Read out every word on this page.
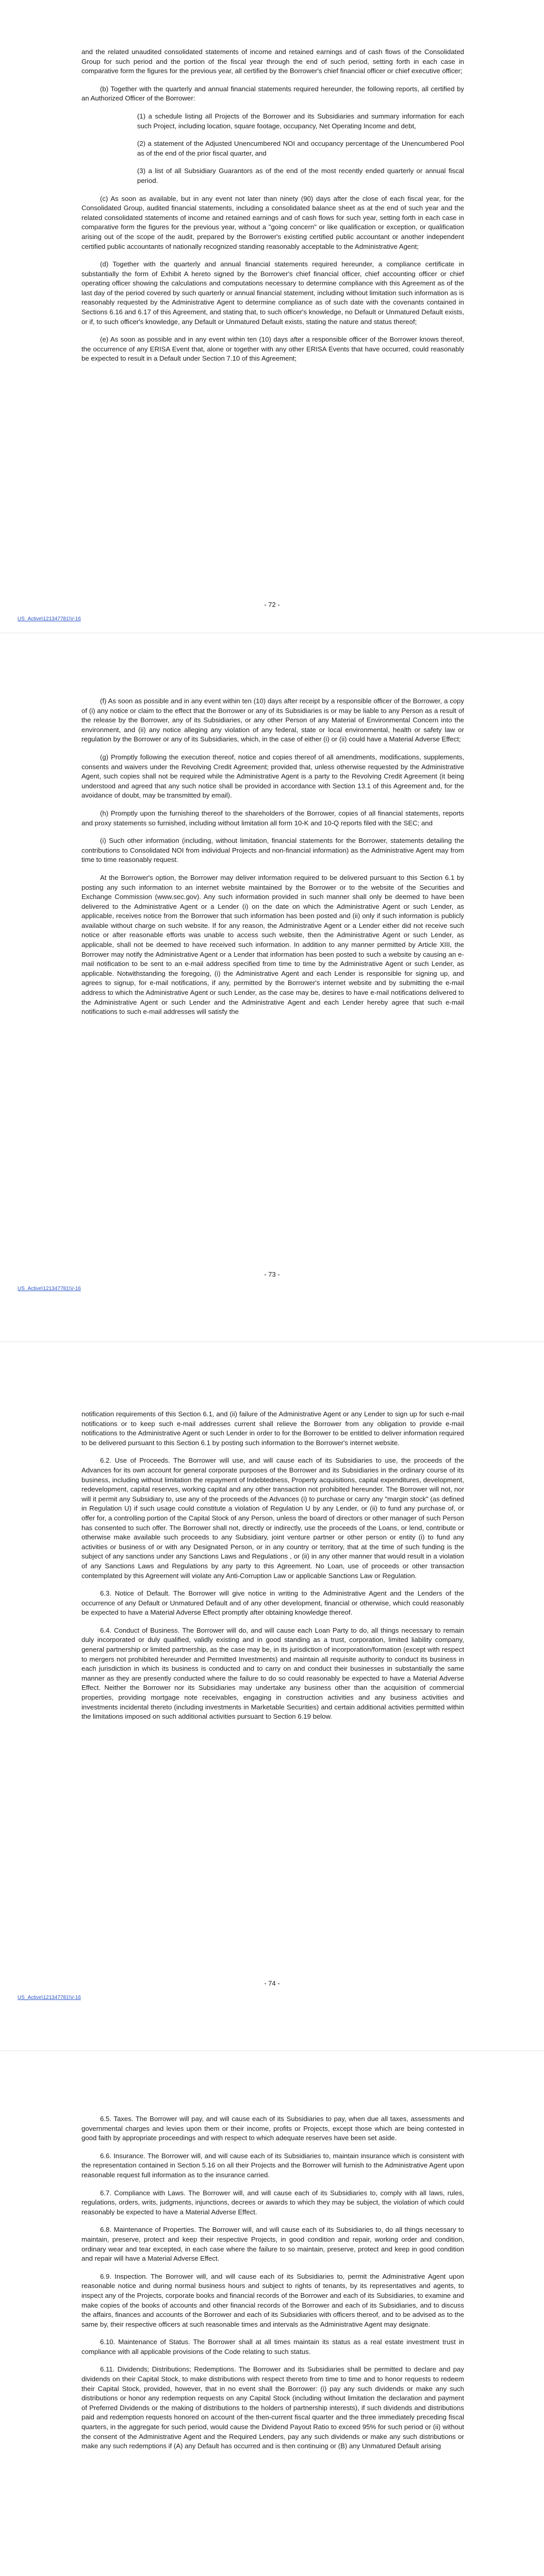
and the related unaudited consolidated statements of income and retained earnings and of cash flows of the Consolidated Group for such period and the portion of the fiscal year through the end of such period, setting forth in each case in comparative form the figures for the previous year, all certified by the Borrower's chief financial officer or chief executive officer;

(b) Together with the quarterly and annual financial statements required hereunder, the following reports, all certified by an Authorized Officer of the Borrower:

(1) a schedule listing all Projects of the Borrower and its Subsidiaries and summary information for each such Project, including location, square footage, occupancy, Net Operating Income and debt,

(2) a statement of the Adjusted Unencumbered NOI and occupancy percentage of the Unencumbered Pool as of the end of the prior fiscal quarter, and

(3) a list of all Subsidiary Guarantors as of the end of the most recently ended quarterly or annual fiscal period.

(c) As soon as available, but in any event not later than ninety (90) days after the close of each fiscal year, for the Consolidated Group, audited financial statements, including a consolidated balance sheet as at the end of such year and the related consolidated statements of income and retained earnings and of cash flows for such year, setting forth in each case in comparative form the figures for the previous year, without a "going concern" or like qualification or exception, or qualification arising out of the scope of the audit, prepared by the Borrower's existing certified public accountant or another independent certified public accountants of nationally recognized standing reasonably acceptable to the Administrative Agent;

(d) Together with the quarterly and annual financial statements required hereunder, a compliance certificate in substantially the form of Exhibit A hereto signed by the Borrower's chief financial officer, chief accounting officer or chief operating officer showing the calculations and computations necessary to determine compliance with this Agreement as of the last day of the period covered by such quarterly or annual financial statement, including without limitation such information as is reasonably requested by the Administrative Agent to determine compliance as of such date with the covenants contained in Sections 6.16 and 6.17 of this Agreement, and stating that, to such officer's knowledge, no Default or Unmatured Default exists, or if, to such officer's knowledge, any Default or Unmatured Default exists, stating the nature and status thereof;

(e) As soon as possible and in any event within ten (10) days after a responsible officer of the Borrower knows thereof, the occurrence of any ERISA Event that, alone or together with any other ERISA Events that have occurred, could reasonably be expected to result in a Default under Section 7.10 of this Agreement;

- 72 -
US_Active\121347781\V-16

(f) As soon as possible and in any event within ten (10) days after receipt by a responsible officer of the Borrower, a copy of (i) any notice or claim to the effect that the Borrower or any of its Subsidiaries is or may be liable to any Person as a result of the release by the Borrower, any of its Subsidiaries, or any other Person of any Material of Environmental Concern into the environment, and (ii) any notice alleging any violation of any federal, state or local environmental, health or safety law or regulation by the Borrower or any of its Subsidiaries, which, in the case of either (i) or (ii) could have a Material Adverse Effect;

(g) Promptly following the execution thereof, notice and copies thereof of all amendments, modifications, supplements, consents and waivers under the Revolving Credit Agreement; provided that, unless otherwise requested by the Administrative Agent, such copies shall not be required while the Administrative Agent is a party to the Revolving Credit Agreement (it being understood and agreed that any such notice shall be provided in accordance with Section 13.1 of this Agreement and, for the avoidance of doubt, may be transmitted by email).

(h) Promptly upon the furnishing thereof to the shareholders of the Borrower, copies of all financial statements, reports and proxy statements so furnished, including without limitation all form 10-K and 10-Q reports filed with the SEC; and

(i) Such other information (including, without limitation, financial statements for the Borrower, statements detailing the contributions to Consolidated NOI from individual Projects and non-financial information) as the Administrative Agent may from time to time reasonably request.

At the Borrower's option, the Borrower may deliver information required to be delivered pursuant to this Section 6.1 by posting any such information to an internet website maintained by the Borrower or to the website of the Securities and Exchange Commission (www.sec.gov). Any such information provided in such manner shall only be deemed to have been delivered to the Administrative Agent or a Lender (i) on the date on which the Administrative Agent or such Lender, as applicable, receives notice from the Borrower that such information has been posted and (ii) only if such information is publicly available without charge on such website. If for any reason, the Administrative Agent or a Lender either did not receive such notice or after reasonable efforts was unable to access such website, then the Administrative Agent or such Lender, as applicable, shall not be deemed to have received such information. In addition to any manner permitted by Article XIII, the Borrower may notify the Administrative Agent or a Lender that information has been posted to such a website by causing an e-mail notification to be sent to an e-mail address specified from time to time by the Administrative Agent or such Lender, as applicable. Notwithstanding the foregoing, (i) the Administrative Agent and each Lender is responsible for signing up, and agrees to signup, for e-mail notifications, if any, permitted by the Borrower's internet website and by submitting the e-mail address to which the Administrative Agent or such Lender, as the case may be, desires to have e-mail notifications delivered to the Administrative Agent or such Lender and the Administrative Agent and each Lender hereby agree that such e-mail notifications to such e-mail addresses will satisfy the

- 73 -
US_Active\121347781\V-16

notification requirements of this Section 6.1, and (ii) failure of the Administrative Agent or any Lender to sign up for such e-mail notifications or to keep such e-mail addresses current shall relieve the Borrower from any obligation to provide e-mail notifications to the Administrative Agent or such Lender in order to for the Borrower to be entitled to deliver information required to be delivered pursuant to this Section 6.1 by posting such information to the Borrower's internet website.

6.2. Use of Proceeds. The Borrower will use, and will cause each of its Subsidiaries to use, the proceeds of the Advances for its own account for general corporate purposes of the Borrower and its Subsidiaries in the ordinary course of its business, including without limitation the repayment of Indebtedness, Property acquisitions, capital expenditures, development, redevelopment, capital reserves, working capital and any other transaction not prohibited hereunder. The Borrower will not, nor will it permit any Subsidiary to, use any of the proceeds of the Advances (i) to purchase or carry any "margin stock" (as defined in Regulation U) if such usage could constitute a violation of Regulation U by any Lender, or (ii) to fund any purchase of, or offer for, a controlling portion of the Capital Stock of any Person, unless the board of directors or other manager of such Person has consented to such offer. The Borrower shall not, directly or indirectly, use the proceeds of the Loans, or lend, contribute or otherwise make available such proceeds to any Subsidiary, joint venture partner or other person or entity (i) to fund any activities or business of or with any Designated Person, or in any country or territory, that at the time of such funding is the subject of any sanctions under any Sanctions Laws and Regulations , or (ii) in any other manner that would result in a violation of any Sanctions Laws and Regulations by any party to this Agreement. No Loan, use of proceeds or other transaction contemplated by this Agreement will violate any Anti-Corruption Law or applicable Sanctions Law or Regulation.

6.3. Notice of Default. The Borrower will give notice in writing to the Administrative Agent and the Lenders of the occurrence of any Default or Unmatured Default and of any other development, financial or otherwise, which could reasonably be expected to have a Material Adverse Effect promptly after obtaining knowledge thereof.

6.4. Conduct of Business. The Borrower will do, and will cause each Loan Party to do, all things necessary to remain duly incorporated or duly qualified, validly existing and in good standing as a trust, corporation, limited liability company, general partnership or limited partnership, as the case may be, in its jurisdiction of incorporation/formation (except with respect to mergers not prohibited hereunder and Permitted Investments) and maintain all requisite authority to conduct its business in each jurisdiction in which its business is conducted and to carry on and conduct their businesses in substantially the same manner as they are presently conducted where the failure to do so could reasonably be expected to have a Material Adverse Effect. Neither the Borrower nor its Subsidiaries may undertake any business other than the acquisition of commercial properties, providing mortgage note receivables, engaging in construction activities and any business activities and investments incidental thereto (including investments in Marketable Securities) and certain additional activities permitted within the limitations imposed on such additional activities pursuant to Section 6.19 below.

- 74 -
US_Active\121347781\V-16

6.5. Taxes. The Borrower will pay, and will cause each of its Subsidiaries to pay, when due all taxes, assessments and governmental charges and levies upon them or their income, profits or Projects, except those which are being contested in good faith by appropriate proceedings and with respect to which adequate reserves have been set aside.

6.6. Insurance. The Borrower will, and will cause each of its Subsidiaries to, maintain insurance which is consistent with the representation contained in Section 5.16 on all their Projects and the Borrower will furnish to the Administrative Agent upon reasonable request full information as to the insurance carried.

6.7. Compliance with Laws. The Borrower will, and will cause each of its Subsidiaries to, comply with all laws, rules, regulations, orders, writs, judgments, injunctions, decrees or awards to which they may be subject, the violation of which could reasonably be expected to have a Material Adverse Effect.

6.8. Maintenance of Properties. The Borrower will, and will cause each of its Subsidiaries to, do all things necessary to maintain, preserve, protect and keep their respective Projects, in good condition and repair, working order and condition, ordinary wear and tear excepted, in each case where the failure to so maintain, preserve, protect and keep in good condition and repair will have a Material Adverse Effect.

6.9. Inspection. The Borrower will, and will cause each of its Subsidiaries to, permit the Administrative Agent upon reasonable notice and during normal business hours and subject to rights of tenants, by its representatives and agents, to inspect any of the Projects, corporate books and financial records of the Borrower and each of its Subsidiaries, to examine and make copies of the books of accounts and other financial records of the Borrower and each of its Subsidiaries, and to discuss the affairs, finances and accounts of the Borrower and each of its Subsidiaries with officers thereof, and to be advised as to the same by, their respective officers at such reasonable times and intervals as the Administrative Agent may designate.

6.10. Maintenance of Status. The Borrower shall at all times maintain its status as a real estate investment trust in compliance with all applicable provisions of the Code relating to such status.

6.11. Dividends; Distributions; Redemptions. The Borrower and its Subsidiaries shall be permitted to declare and pay dividends on their Capital Stock, to make distributions with respect thereto from time to time and to honor requests to redeem their Capital Stock, provided, however, that in no event shall the Borrower: (i) pay any such dividends or make any such distributions or honor any redemption requests on any Capital Stock (including without limitation the declaration and payment of Preferred Dividends or the making of distributions to the holders of partnership interests), if such dividends and distributions paid and redemption requests honored on account of the then-current fiscal quarter and the three immediately preceding fiscal quarters, in the aggregate for such period, would cause the Dividend Payout Ratio to exceed 95% for such period or (ii) without the consent of the Administrative Agent and the Required Lenders, pay any such dividends or make any such distributions or make any such redemptions if (A) any Default has occurred and is then continuing or (B) any Unmatured Default arising
